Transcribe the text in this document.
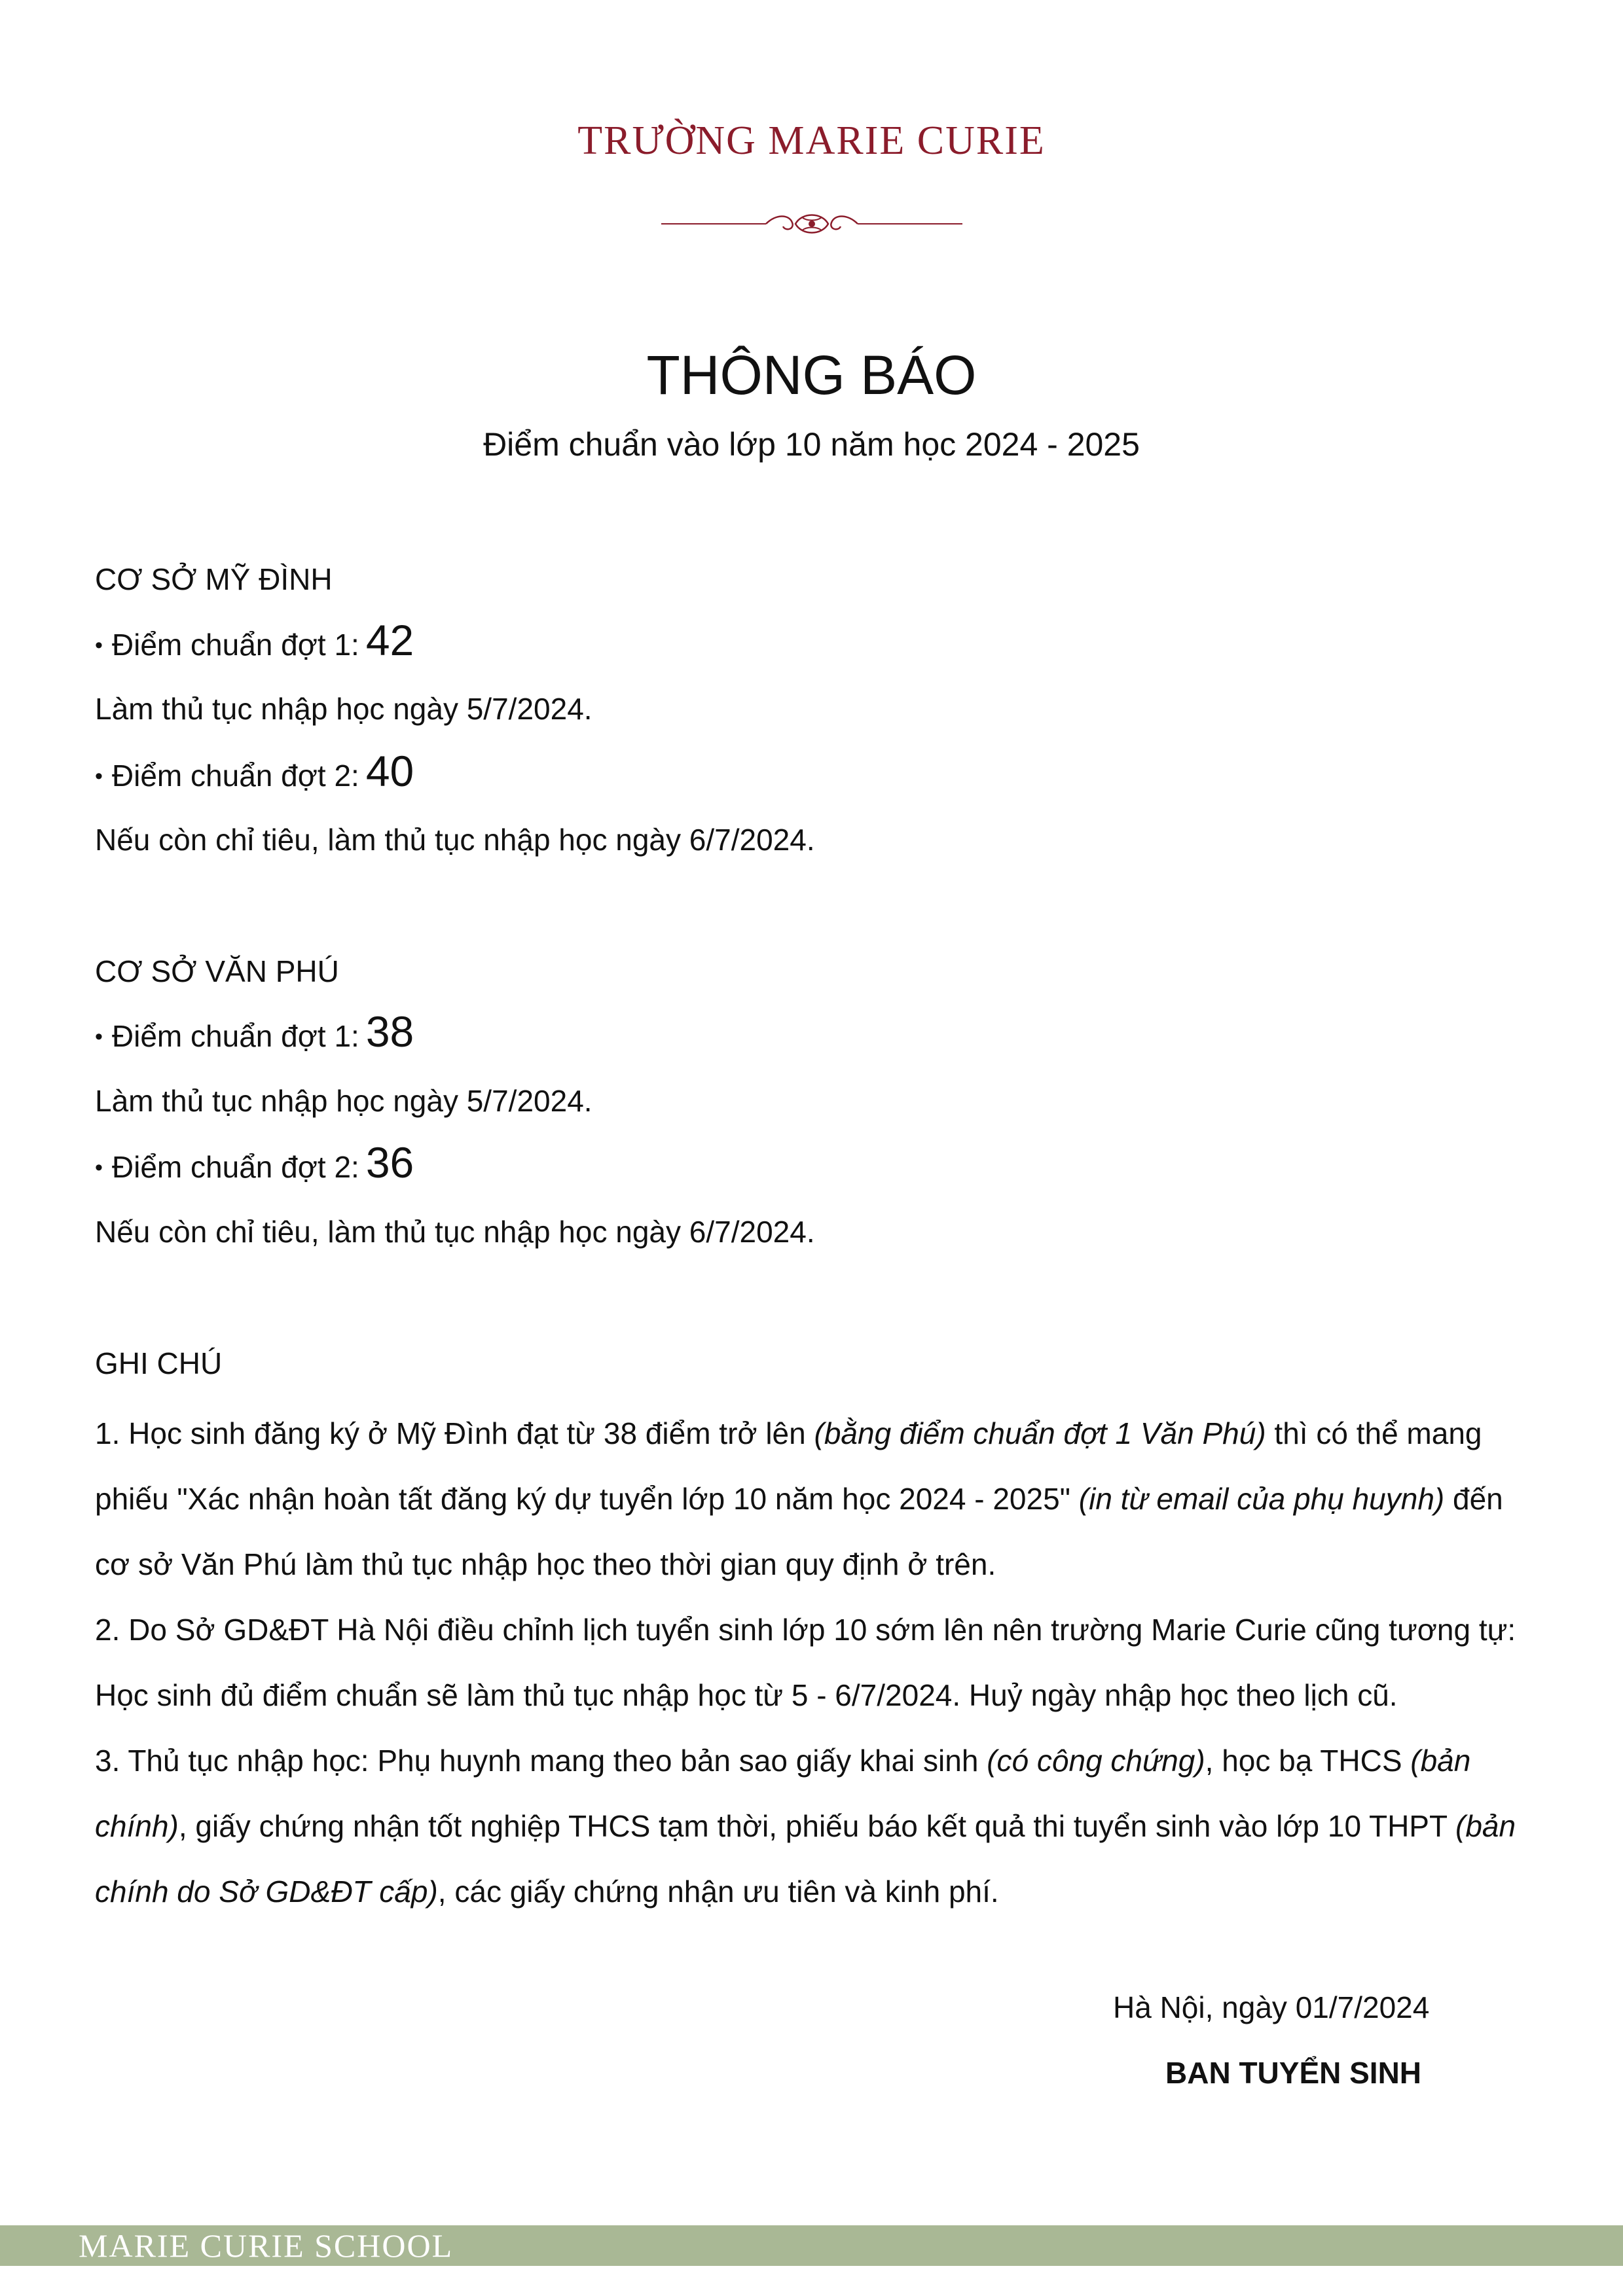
TRƯỜNG MARIE CURIE
THÔNG BÁO
Điểm chuẩn vào lớp 10 năm học 2024 - 2025
CƠ SỞ MỸ ĐÌNH
• Điểm chuẩn đợt 1: 42
Làm thủ tục nhập học ngày 5/7/2024.
• Điểm chuẩn đợt 2: 40
Nếu còn chỉ tiêu, làm thủ tục nhập học ngày 6/7/2024.
CƠ SỞ VĂN PHÚ
• Điểm chuẩn đợt 1: 38
Làm thủ tục nhập học ngày 5/7/2024.
• Điểm chuẩn đợt 2: 36
Nếu còn chỉ tiêu, làm thủ tục nhập học ngày 6/7/2024.
GHI CHÚ

1. Học sinh đăng ký ở Mỹ Đình đạt từ 38 điểm trở lên (bằng điểm chuẩn đợt 1 Văn Phú) thì có thể mang phiếu "Xác nhận hoàn tất đăng ký dự tuyển lớp 10 năm học 2024 - 2025" (in từ email của phụ huynh) đến cơ sở Văn Phú làm thủ tục nhập học theo thời gian quy định ở trên.

2. Do Sở GD&ĐT Hà Nội điều chỉnh lịch tuyển sinh lớp 10 sớm lên nên trường Marie Curie cũng tương tự: Học sinh đủ điểm chuẩn sẽ làm thủ tục nhập học từ 5 - 6/7/2024. Huỷ ngày nhập học theo lịch cũ.

3. Thủ tục nhập học: Phụ huynh mang theo bản sao giấy khai sinh (có công chứng), học bạ THCS (bản chính), giấy chứng nhận tốt nghiệp THCS tạm thời, phiếu báo kết quả thi tuyển sinh vào lớp 10 THPT (bản chính do Sở GD&ĐT cấp), các giấy chứng nhận ưu tiên và kinh phí.

Hà Nội, ngày 01/7/2024
BAN TUYỂN SINH
MARIE CURIE SCHOOL
